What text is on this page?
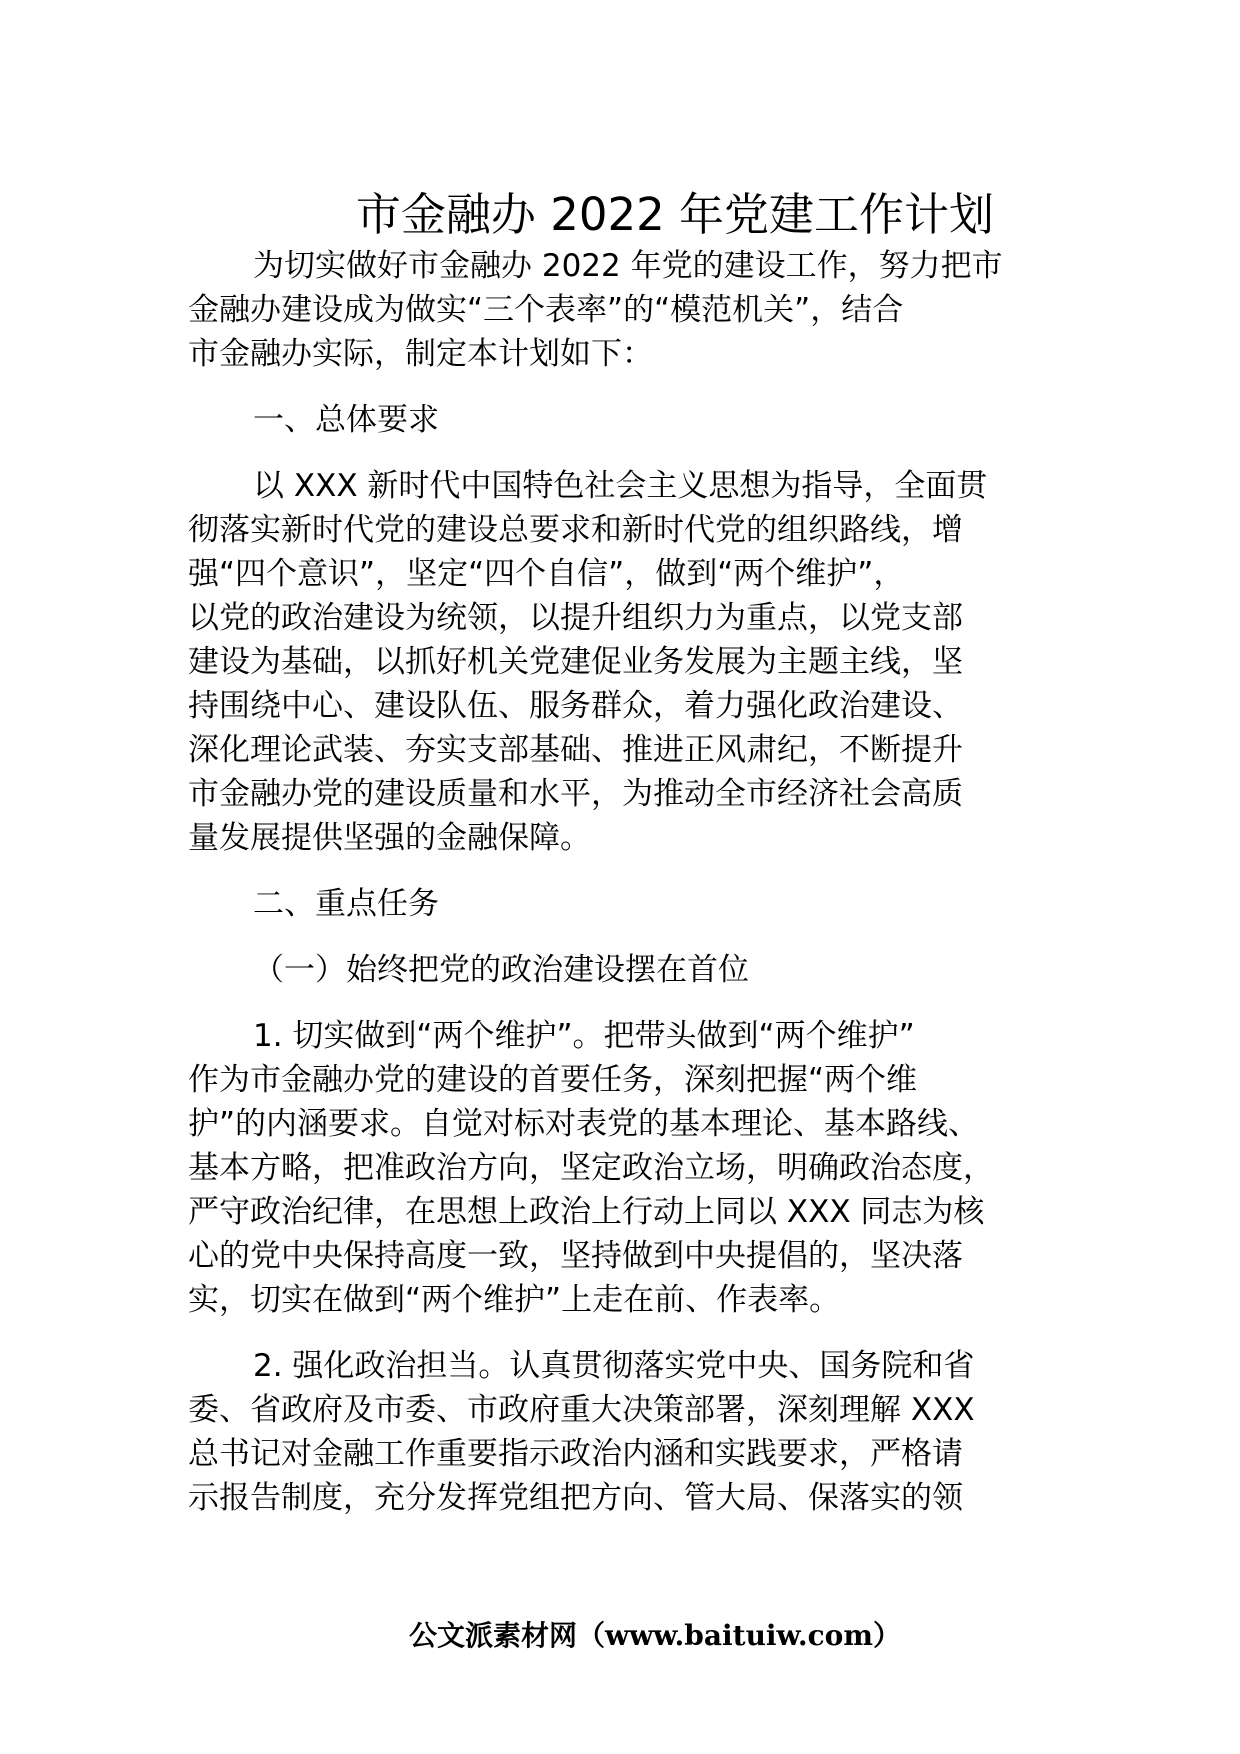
市金融办 2022 年党建工作计划
为切实做好市金融办 2022 年党的建设工作，努力把市
金融办建设成为做实“三个表率”的“模范机关”，结合
市金融办实际，制定本计划如下：
一、总体要求
以 XXX 新时代中国特色社会主义思想为指导，全面贯
彻落实新时代党的建设总要求和新时代党的组织路线，增
强“四个意识”，坚定“四个自信”，做到“两个维护”，
以党的政治建设为统领，以提升组织力为重点，以党支部
建设为基础，以抓好机关党建促业务发展为主题主线，坚
持围绕中心、建设队伍、服务群众，着力强化政治建设、
深化理论武装、夯实支部基础、推进正风肃纪，不断提升
市金融办党的建设质量和水平，为推动全市经济社会高质
量发展提供坚强的金融保障。
二、重点任务
（一）始终把党的政治建设摆在首位
1. 切实做到“两个维护”。把带头做到“两个维护”
作为市金融办党的建设的首要任务，深刻把握“两个维
护”的内涵要求。自觉对标对表党的基本理论、基本路线、
基本方略，把准政治方向，坚定政治立场，明确政治态度，
严守政治纪律，在思想上政治上行动上同以 XXX 同志为核
心的党中央保持高度一致，坚持做到中央提倡的，坚决落
实，切实在做到“两个维护”上走在前、作表率。
2. 强化政治担当。认真贯彻落实党中央、国务院和省
委、省政府及市委、市政府重大决策部署，深刻理解 XXX
总书记对金融工作重要指示政治内涵和实践要求，严格请
示报告制度，充分发挥党组把方向、管大局、保落实的领
公文派素材网（www.baituiw.com）
